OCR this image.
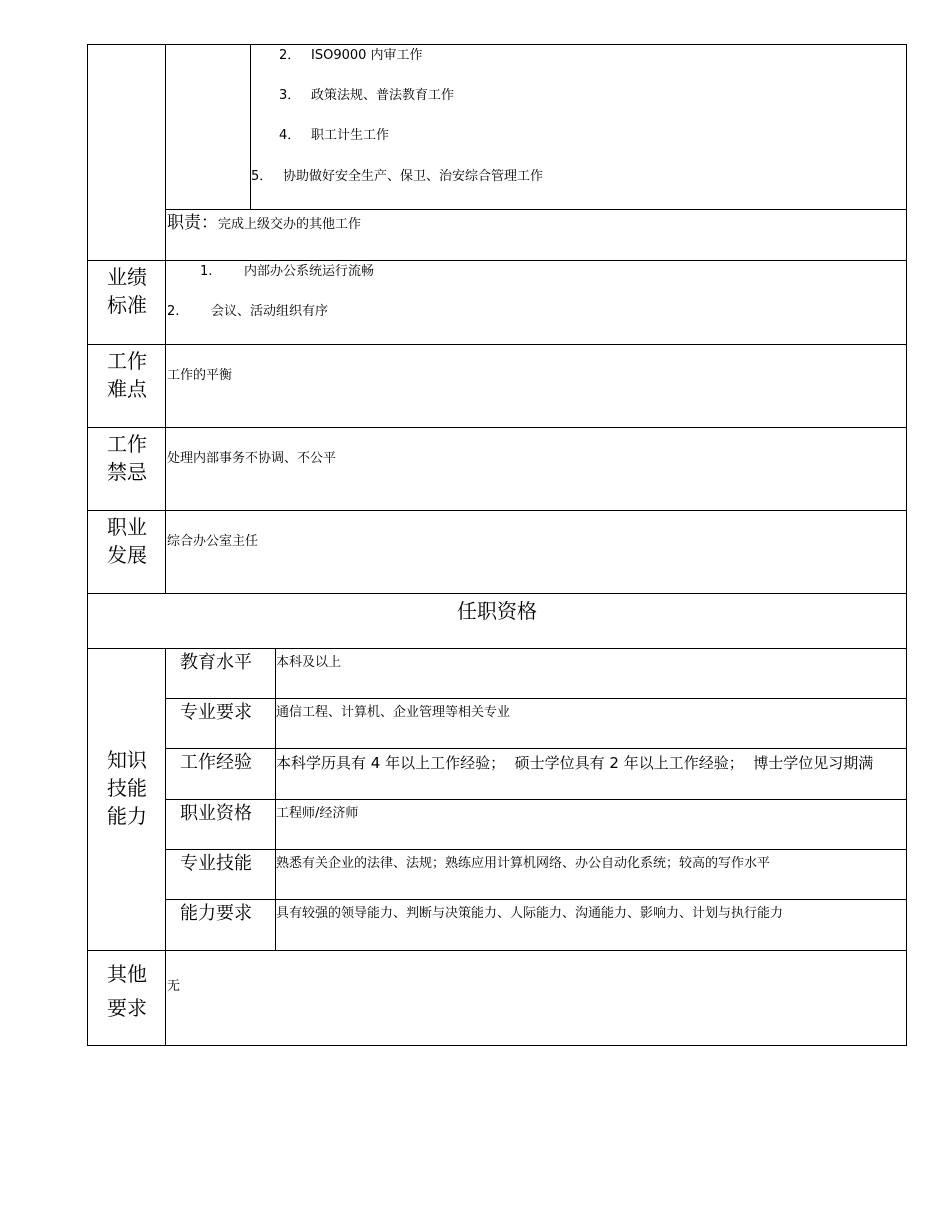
2． ISO9000 内审工作
3． 政策法规、普法教育工作
4． 职工计生工作
5． 协助做好安全生产、保卫、治安综合管理工作
职责：完成上级交办的其他工作
业绩
标准
1. 内部办公系统运行流畅
2. 会议、活动组织有序
工作
难点
工作的平衡
工作
禁忌
处理内部事务不协调、不公平
职业
发展
综合办公室主任
任职资格
知识
技能
能力
教育水平 本科及以上
专业要求 通信工程、计算机、企业管理等相关专业
工作经验 本科学历具有 4 年以上工作经验；  硕士学位具有 2 年以上工作经验；  博士学位见习期满
职业资格 工程师/经济师
专业技能 熟悉有关企业的法律、法规；熟练应用计算机网络、办公自动化系统；较高的写作水平
能力要求 具有较强的领导能力、判断与决策能力、人际能力、沟通能力、影响力、计划与执行能力
其他
要求
无
